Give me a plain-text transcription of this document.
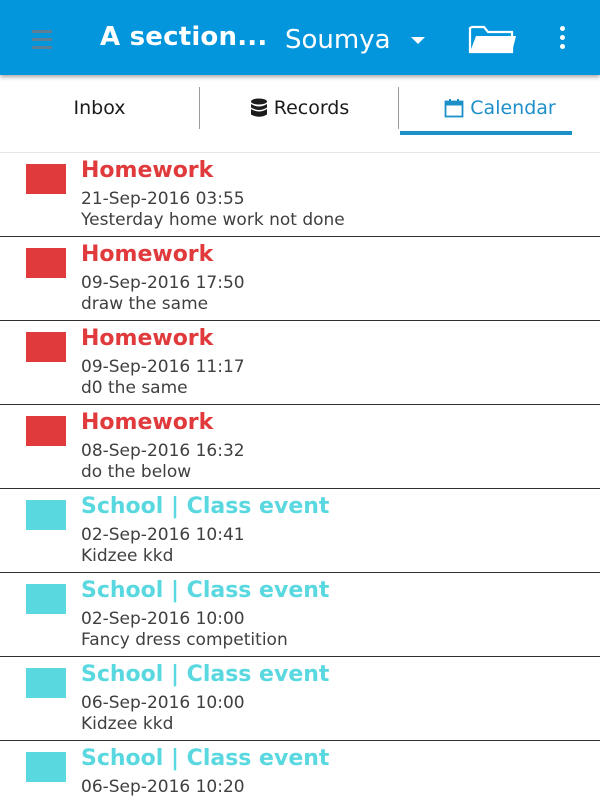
A section... Soumya
Inbox	Records	Calendar
Homework
21-Sep-2016 03:55
Yesterday home work not done
Homework
09-Sep-2016 17:50
draw the same
Homework
09-Sep-2016 11:17
d0 the same
Homework
08-Sep-2016 16:32
do the below
School | Class event
02-Sep-2016 10:41
Kidzee kkd
School | Class event
02-Sep-2016 10:00
Fancy dress competition
School | Class event
06-Sep-2016 10:00
Kidzee kkd
School | Class event
06-Sep-2016 10:20
